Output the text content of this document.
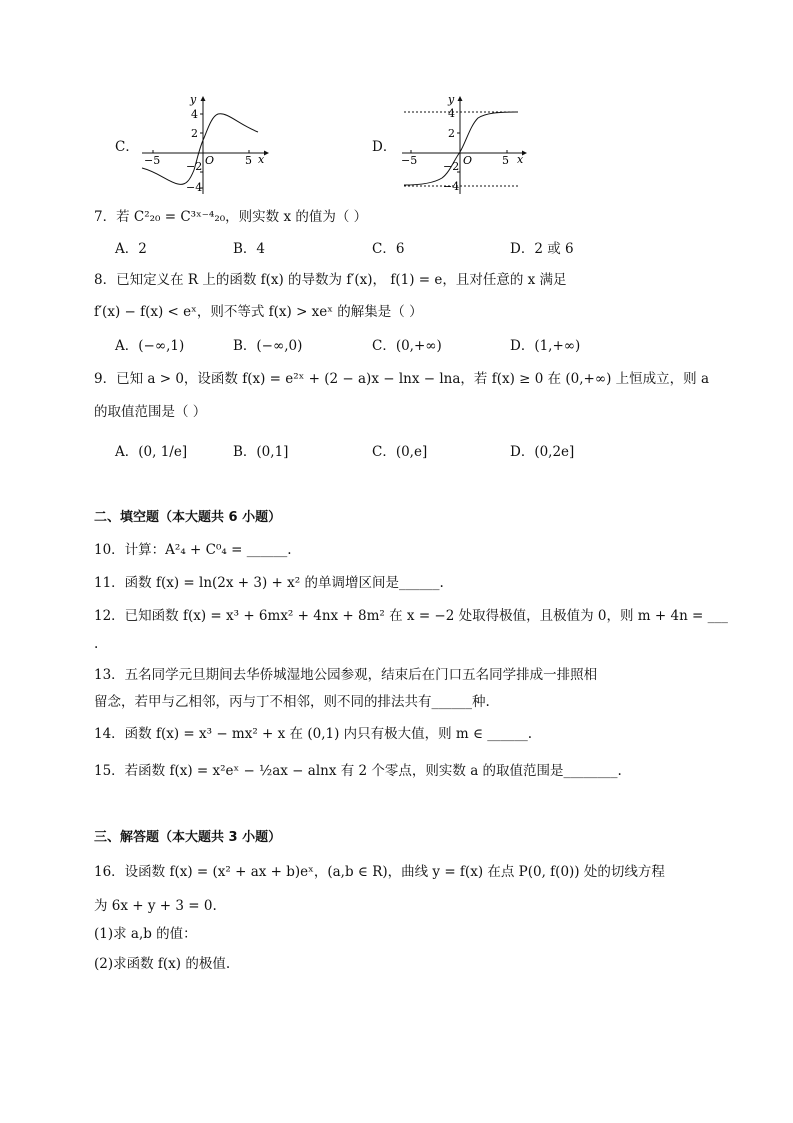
C．	D．
y
x
O
4
2
−2
−4
−5	5
y
x
O
4
2
−2
−4
−5	5
7．若 C²₂₀ = C³ˣ⁻⁴₂₀，则实数 x 的值为（ ）
A．2	B．4	C．6	D．2 或 6
8．已知定义在 R 上的函数 f(x) 的导数为 f′(x)， f(1) = e，且对任意的 x 满足
f′(x) − f(x) < eˣ，则不等式 f(x) > xeˣ 的解集是（ ）
A．(−∞,1)	B．(−∞,0)	C．(0,+∞)	D．(1,+∞)
9．已知 a > 0，设函数 f(x) = e²ˣ + (2 − a)x − lnx − lna，若 f(x) ≥ 0 在 (0,+∞) 上恒成立，则 a
的取值范围是（ ）
A．(0, 1/e]	B．(0,1]	C．(0,e]	D．(0,2e]
二、填空题（本大题共 6 小题）
10．计算：A²₄ + C⁰₄ = ______.
11．函数 f(x) = ln(2x + 3) + x² 的单调增区间是______.
12．已知函数 f(x) = x³ + 6mx² + 4nx + 8m² 在 x = −2 处取得极值，且极值为 0，则 m + 4n = ___
.
13．五名同学元旦期间去华侨城湿地公园参观，结束后在门口五名同学排成一排照相
留念，若甲与乙相邻，丙与丁不相邻，则不同的排法共有______种.
14．函数 f(x) = x³ − mx² + x 在 (0,1) 内只有极大值，则 m ∈ ______.
15．若函数 f(x) = x²eˣ − ½ax − alnx 有 2 个零点，则实数 a 的取值范围是________.
三、解答题（本大题共 3 小题）
16．设函数 f(x) = (x² + ax + b)eˣ，(a,b ∈ R)，曲线 y = f(x) 在点 P(0, f(0)) 处的切线方程
为 6x + y + 3 = 0.
(1)求 a,b 的值：
(2)求函数 f(x) 的极值.
